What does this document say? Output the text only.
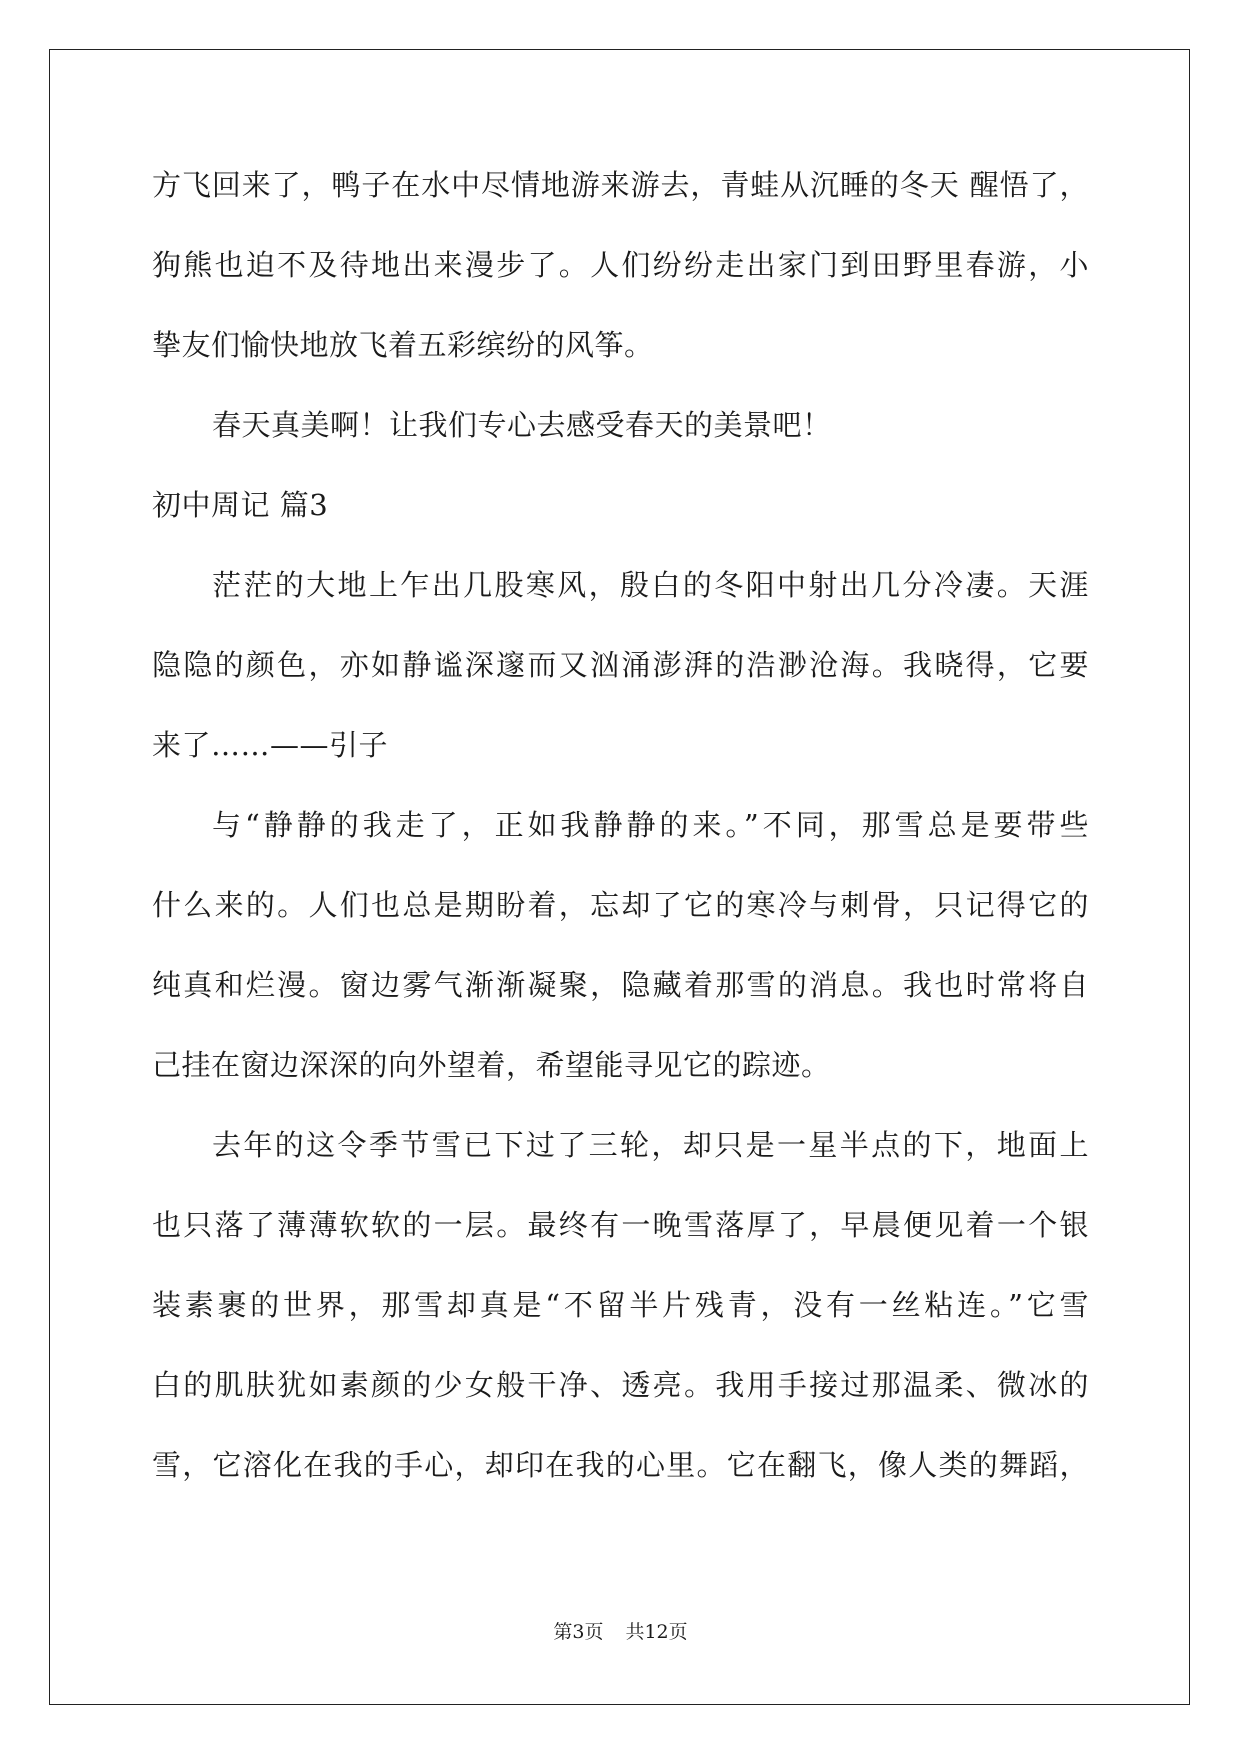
方飞回来了，鸭子在水中尽情地游来游去，青蛙从沉睡的冬天 醒悟了，
狗熊也迫不及待地出来漫步了。人们纷纷走出家门到田野里春游，小
挚友们愉快地放飞着五彩缤纷的风筝。
春天真美啊！让我们专心去感受春天的美景吧！
初中周记 篇3
茫茫的大地上乍出几股寒风，殷白的冬阳中射出几分冷凄。天涯
隐隐的颜色，亦如静谧深邃而又汹涌澎湃的浩渺沧海。我晓得，它要
来了……——引子
与“静静的我走了，正如我静静的来。”不同，那雪总是要带些
什么来的。人们也总是期盼着，忘却了它的寒冷与刺骨，只记得它的
纯真和烂漫。窗边雾气渐渐凝聚，隐藏着那雪的消息。我也时常将自
己挂在窗边深深的向外望着，希望能寻见它的踪迹。
去年的这令季节雪已下过了三轮，却只是一星半点的下，地面上
也只落了薄薄软软的一层。最终有一晚雪落厚了，早晨便见着一个银
装素裹的世界，那雪却真是“不留半片残青，没有一丝粘连。”它雪
白的肌肤犹如素颜的少女般干净、透亮。我用手接过那温柔、微冰的
雪，它溶化在我的手心，却印在我的心里。它在翻飞，像人类的舞蹈，
第3页 共12页
